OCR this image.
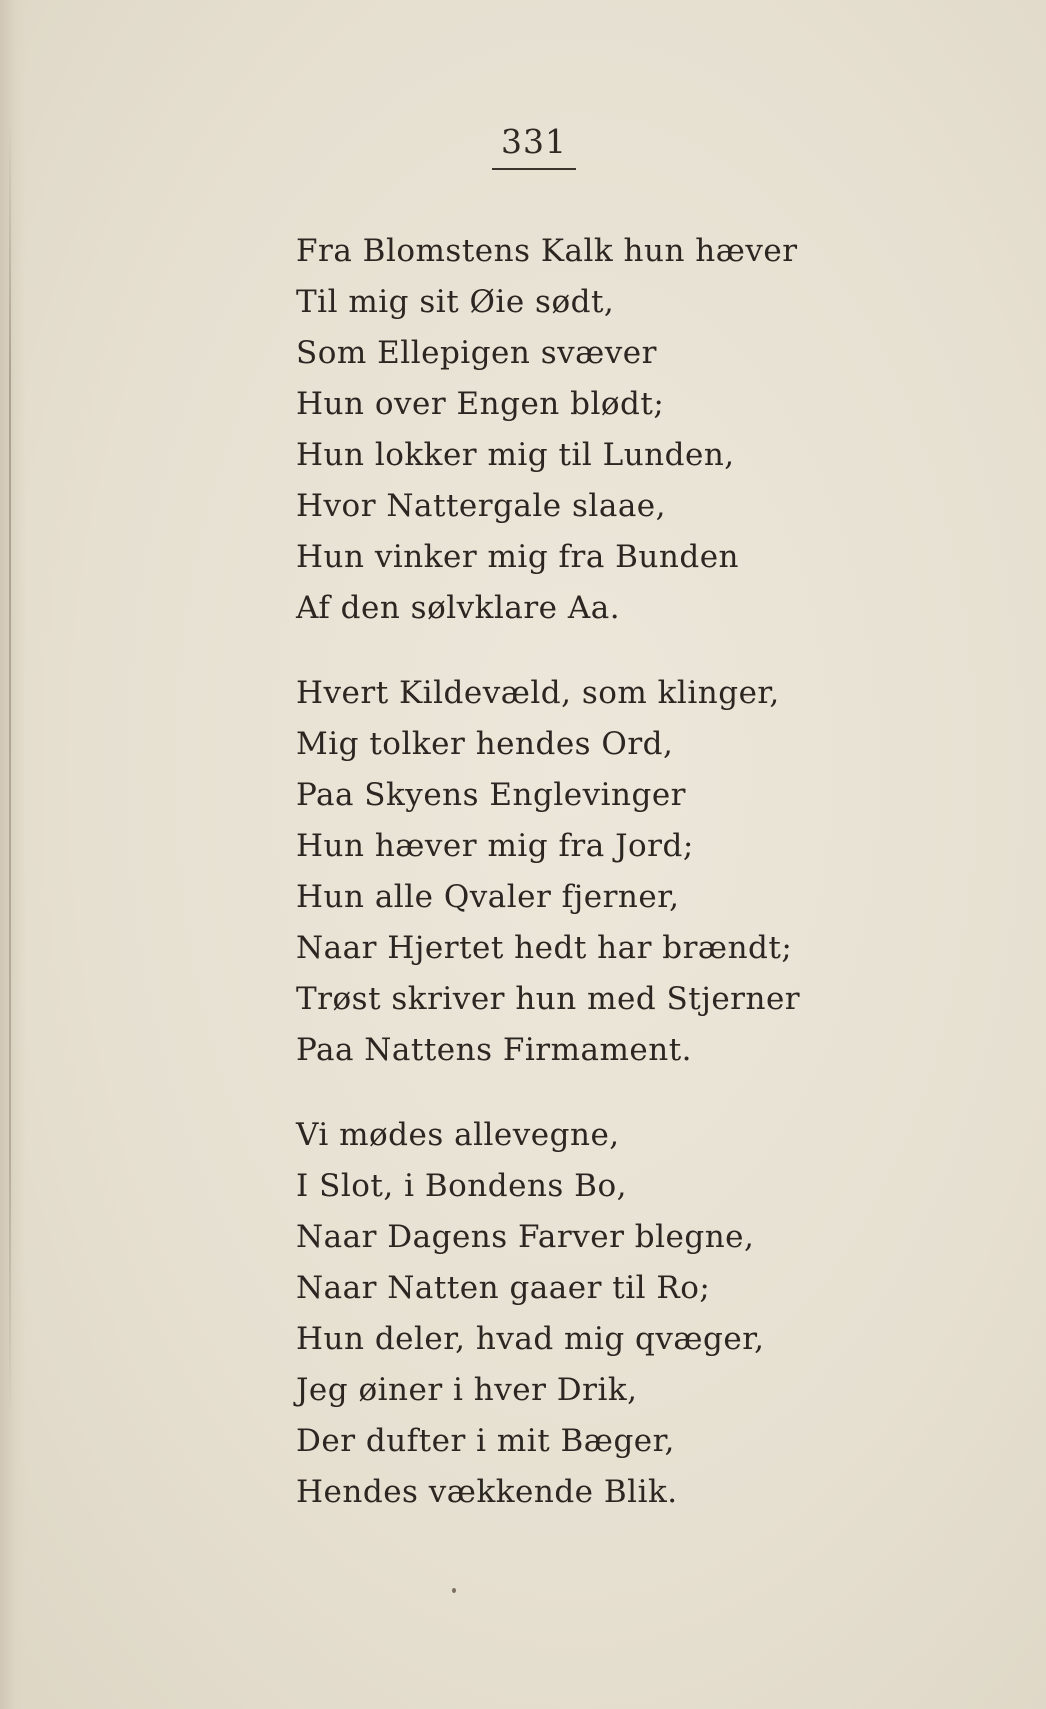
331
Fra Blomstens Kalk hun hæver
Til mig sit Øie sødt,
Som Ellepigen svæver
Hun over Engen blødt;
Hun lokker mig til Lunden,
Hvor Nattergale slaae,
Hun vinker mig fra Bunden
Af den sølvklare Aa.
Hvert Kildevæld, som klinger,
Mig tolker hendes Ord,
Paa Skyens Englevinger
Hun hæver mig fra Jord;
Hun alle Qvaler fjerner,
Naar Hjertet hedt har brændt;
Trøst skriver hun med Stjerner
Paa Nattens Firmament.
Vi mødes allevegne,
I Slot, i Bondens Bo,
Naar Dagens Farver blegne,
Naar Natten gaaer til Ro;
Hun deler, hvad mig qvæger,
Jeg øiner i hver Drik,
Der dufter i mit Bæger,
Hendes vækkende Blik.
